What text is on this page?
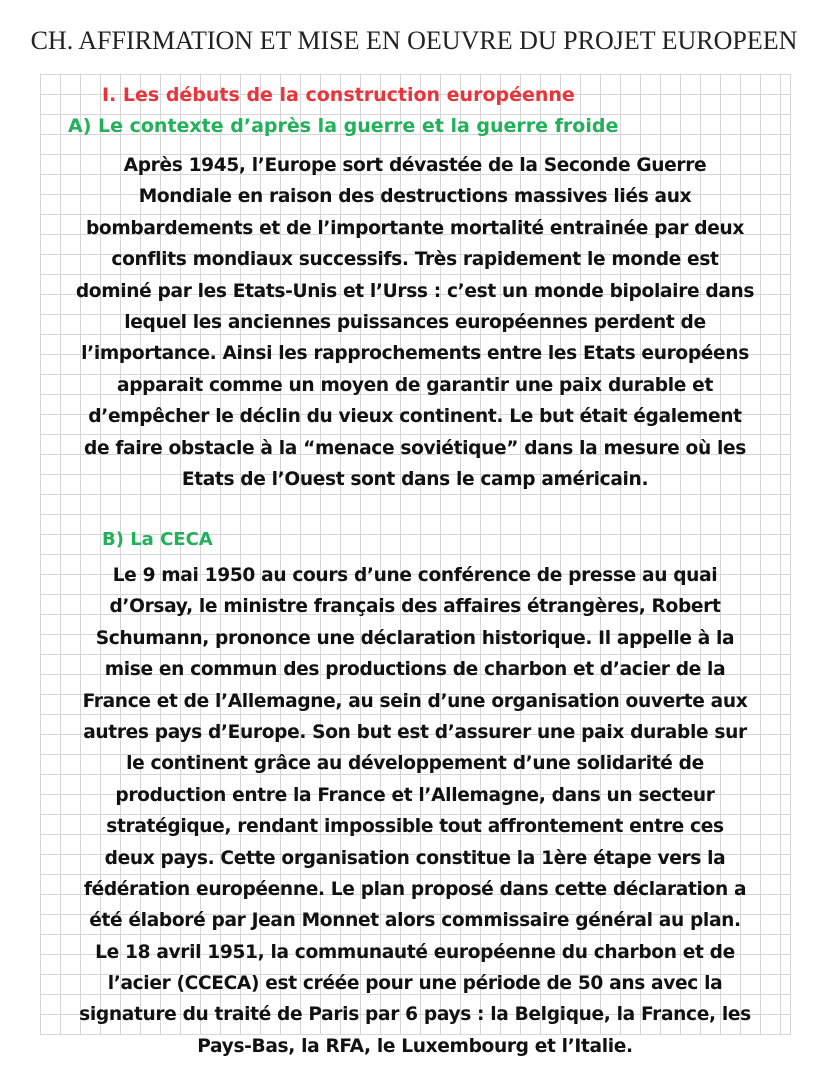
CH. AFFIRMATION ET MISE EN OEUVRE DU PROJET EUROPEEN
I. Les débuts de la construction européenne
A) Le contexte d’après la guerre et la guerre froide
Après 1945, l’Europe sort dévastée de la Seconde Guerre
Mondiale en raison des destructions massives liés aux
bombardements et de l’importante mortalité entrainée par deux
conflits mondiaux successifs. Très rapidement le monde est
dominé par les Etats-Unis et l’Urss : c’est un monde bipolaire dans
lequel les anciennes puissances européennes perdent de
l’importance. Ainsi les rapprochements entre les Etats européens
apparait comme un moyen de garantir une paix durable et
d’empêcher le déclin du vieux continent. Le but était également
de faire obstacle à la “menace soviétique” dans la mesure où les
Etats de l’Ouest sont dans le camp américain.
B) La CECA
Le 9 mai 1950 au cours d’une conférence de presse au quai
d’Orsay, le ministre français des affaires étrangères, Robert
Schumann, prononce une déclaration historique. Il appelle à la
mise en commun des productions de charbon et d’acier de la
France et de l’Allemagne, au sein d’une organisation ouverte aux
autres pays d’Europe. Son but est d’assurer une paix durable sur
le continent grâce au développement d’une solidarité de
production entre la France et l’Allemagne, dans un secteur
stratégique, rendant impossible tout affrontement entre ces
deux pays. Cette organisation constitue la 1ère étape vers la
fédération européenne. Le plan proposé dans cette déclaration a
été élaboré par Jean Monnet alors commissaire général au plan.
Le 18 avril 1951, la communauté européenne du charbon et de
l’acier (CCECA) est créée pour une période de 50 ans avec la
signature du traité de Paris par 6 pays : la Belgique, la France, les
Pays-Bas, la RFA, le Luxembourg et l’Italie.
